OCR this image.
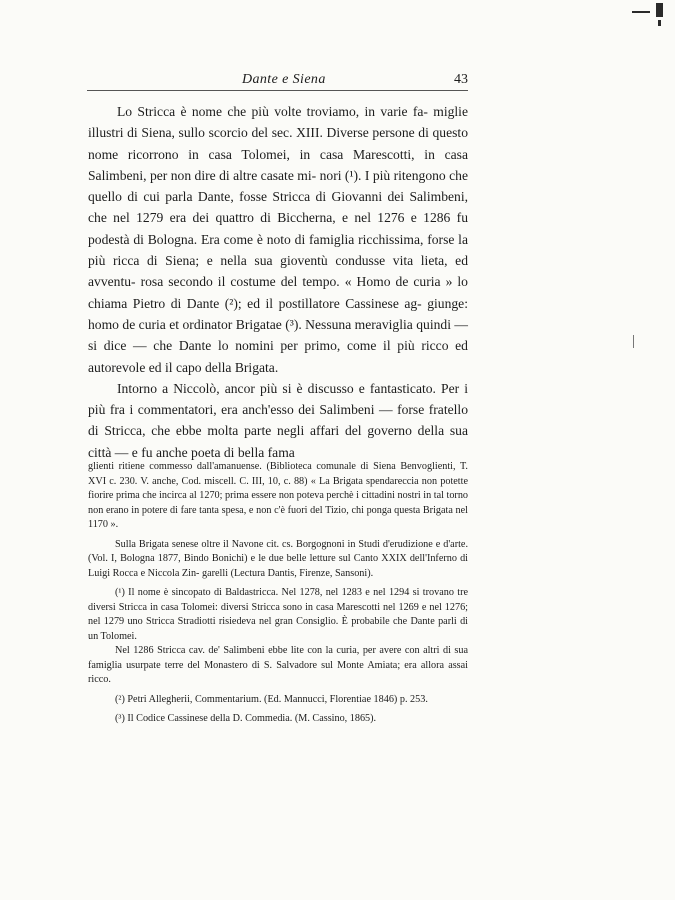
Dante e Siena	43

Lo Stricca è nome che più volte troviamo, in varie fa- miglie illustri di Siena, sullo scorcio del sec. XIII. Diverse persone di questo nome ricorrono in casa Tolomei, in casa Marescotti, in casa Salimbeni, per non dire di altre casate mi- nori (¹). I più ritengono che quello di cui parla Dante, fosse Stricca di Giovanni dei Salimbeni, che nel 1279 era dei quattro di Biccherna, e nel 1276 e 1286 fu podestà di Bologna. Era come è noto di famiglia ricchissima, forse la più ricca di Siena; e nella sua gioventù condusse vita lieta, ed avventu- rosa secondo il costume del tempo. « Homo de curia » lo chiama Pietro di Dante (²); ed il postillatore Cassinese ag- giunge: homo de curia et ordinator Brigatae (³). Nessuna meraviglia quindi — si dice — che Dante lo nomini per primo, come il più ricco ed autorevole ed il capo della Brigata.

Intorno a Niccolò, ancor più si è discusso e fantasticato. Per i più fra i commentatori, era anch'esso dei Salimbeni — forse fratello di Stricca, che ebbe molta parte negli affari del governo della sua città — e fu anche poeta di bella fama

glienti ritiene commesso dall'amanuense. (Biblioteca comunale di Siena Benvoglienti, T. XVI c. 230. V. anche, Cod. miscell. C. III, 10, c. 88) « La Brigata spendareccia non potette fiorire prima che incirca al 1270; prima essere non poteva perchè i cittadini nostri in tal torno non erano in potere di fare tanta spesa, e non c'è fuori del Tizio, chi ponga questa Brigata nel 1170 ».

Sulla Brigata senese oltre il Navone cit. cs. Borgognoni in Studi d'erudizione e d'arte. (Vol. I, Bologna 1877, Bindo Bonichi) e le due belle letture sul Canto XXIX dell'Inferno di Luigi Rocca e Niccola Zin- garelli (Lectura Dantis, Firenze, Sansoni).

(¹) Il nome è sincopato di Baldastricca. Nel 1278, nel 1283 e nel 1294 si trovano tre diversi Stricca in casa Tolomei: diversi Stricca sono in casa Marescotti nel 1269 e nel 1276; nel 1279 uno Stricca Stradiotti risiedeva nel gran Consiglio. È probabile che Dante parli di un Tolomei.

Nel 1286 Stricca cav. de' Salimbeni ebbe lite con la curia, per avere con altri di sua famiglia usurpate terre del Monastero di S. Salvadore sul Monte Amiata; era allora assai ricco.

(²) Petri Allegherii, Commentarium. (Ed. Mannucci, Florentiae 1846) p. 253.

(³) Il Codice Cassinese della D. Commedia. (M. Cassino, 1865).
